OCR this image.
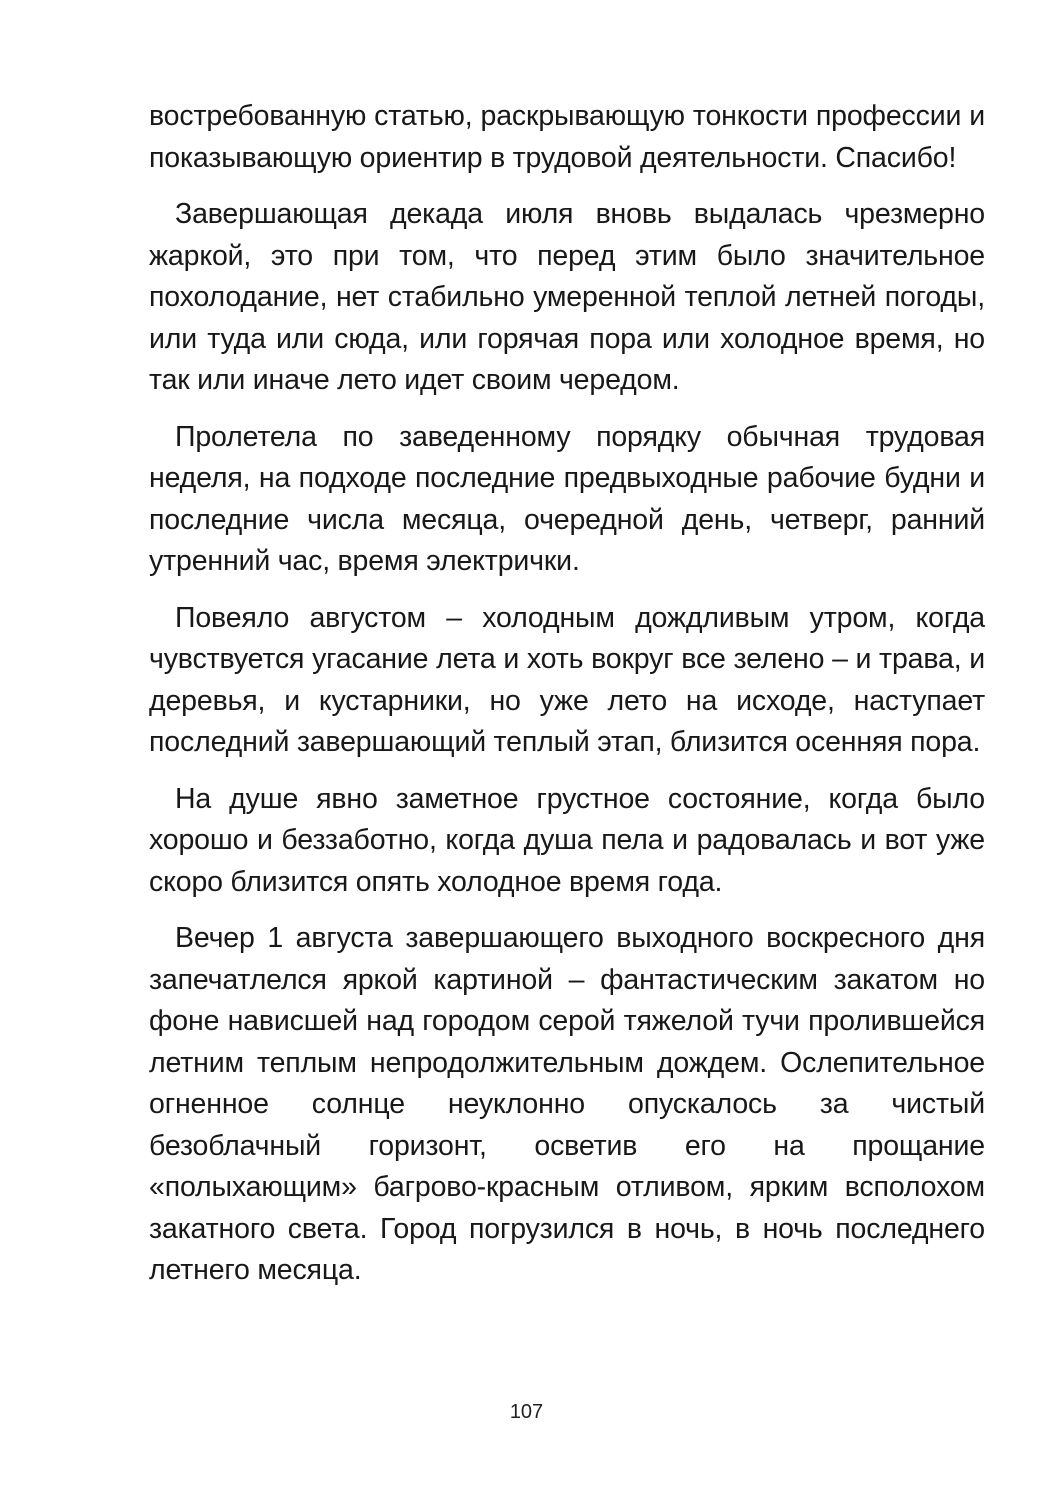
востребованную статью, раскрывающую тонкости профессии и показывающую ориентир в трудовой деятельности. Спасибо!

Завершающая декада июля вновь выдалась чрезмерно жаркой, это при том, что перед этим было значительное похолодание, нет стабильно умеренной теплой летней погоды, или туда или сюда, или горячая пора или холодное время, но так или иначе лето идет своим чередом.

Пролетела по заведенному порядку обычная трудовая неделя, на подходе последние предвыходные рабочие будни и последние числа месяца, очередной день, четверг, ранний утренний час, время электрички.

Повеяло августом – холодным дождливым утром, когда чувствуется угасание лета и хоть вокруг все зелено – и трава, и деревья, и кустарники, но уже лето на исходе, наступает последний завершающий теплый этап, близится осенняя пора.

На душе явно заметное грустное состояние, когда было хорошо и беззаботно, когда душа пела и радовалась и вот уже скоро близится опять холодное время года.

Вечер 1 августа завершающего выходного воскресного дня запечатлелся яркой картиной – фантастическим закатом но фоне нависшей над городом серой тяжелой тучи пролившейся летним теплым непродолжительным дождем. Ослепительное огненное солнце неуклонно опускалось за чистый безоблачный горизонт, осветив его на прощание «полыхающим» багрово-красным отливом, ярким всполохом закатного света. Город погрузился в ночь, в ночь последнего летнего месяца.

107
